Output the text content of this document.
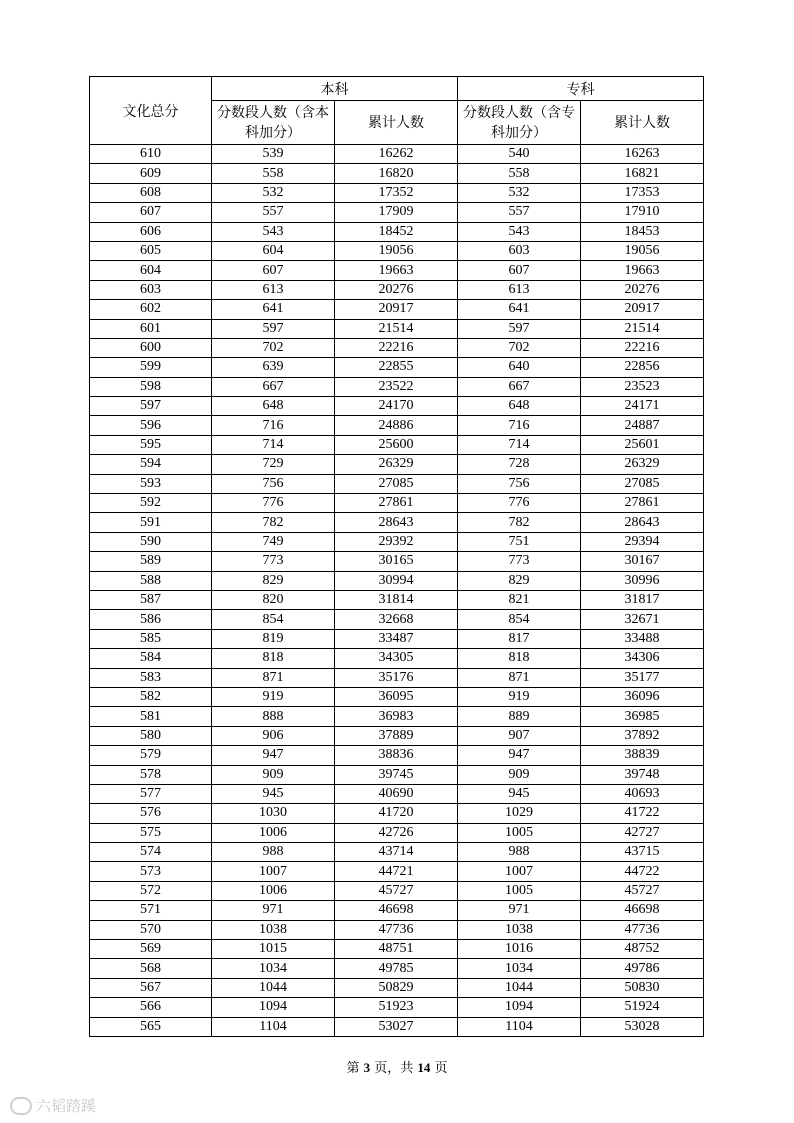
文化总分	本科		专科	
	分数段人数（含本科加分）	累计人数	分数段人数（含专科加分）	累计人数
610	539	16262	540	16263
609	558	16820	558	16821
608	532	17352	532	17353
607	557	17909	557	17910
606	543	18452	543	18453
605	604	19056	603	19056
604	607	19663	607	19663
603	613	20276	613	20276
602	641	20917	641	20917
601	597	21514	597	21514
600	702	22216	702	22216
599	639	22855	640	22856
598	667	23522	667	23523
597	648	24170	648	24171
596	716	24886	716	24887
595	714	25600	714	25601
594	729	26329	728	26329
593	756	27085	756	27085
592	776	27861	776	27861
591	782	28643	782	28643
590	749	29392	751	29394
589	773	30165	773	30167
588	829	30994	829	30996
587	820	31814	821	31817
586	854	32668	854	32671
585	819	33487	817	33488
584	818	34305	818	34306
583	871	35176	871	35177
582	919	36095	919	36096
581	888	36983	889	36985
580	906	37889	907	37892
579	947	38836	947	38839
578	909	39745	909	39748
577	945	40690	945	40693
576	1030	41720	1029	41722
575	1006	42726	1005	42727
574	988	43714	988	43715
573	1007	44721	1007	44722
572	1006	45727	1005	45727
571	971	46698	971	46698
570	1038	47736	1038	47736
569	1015	48751	1016	48752
568	1034	49785	1034	49786
567	1044	50829	1044	50830
566	1094	51923	1094	51924
565	1104	53027	1104	53028
第 3 页，共 14 页
六韬踏蹊
